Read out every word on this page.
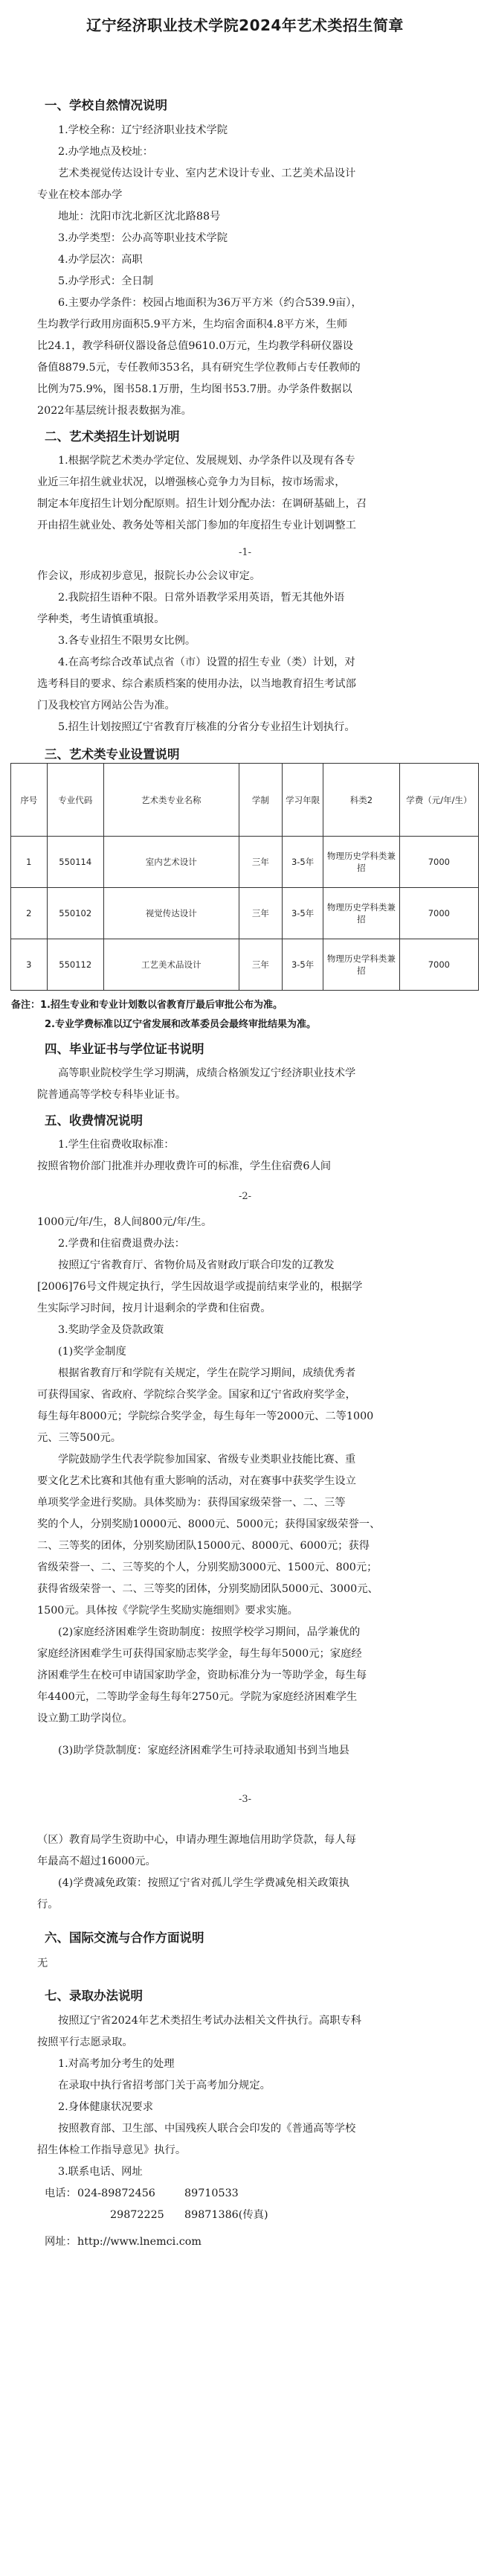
辽宁经济职业技术学院2024年艺术类招生简章
一、学校自然情况说明
1.学校全称：辽宁经济职业技术学院
2.办学地点及校址：
艺术类视觉传达设计专业、室内艺术设计专业、工艺美术品设计
专业在校本部办学
地址：沈阳市沈北新区沈北路88号
3.办学类型：公办高等职业技术学院
4.办学层次：高职
5.办学形式：全日制
6.主要办学条件：校园占地面积为36万平方米（约合539.9亩），
生均教学行政用房面积5.9平方米，生均宿舍面积4.8平方米，生师
比24.1，教学科研仪器设备总值9610.0万元，生均教学科研仪器设
备值8879.5元，专任教师353名，具有研究生学位教师占专任教师的
比例为75.9%，图书58.1万册，生均图书53.7册。办学条件数据以
2022年基层统计报表数据为准。
二、艺术类招生计划说明
1.根据学院艺术类办学定位、发展规划、办学条件以及现有各专
业近三年招生就业状况，以增强核心竞争力为目标，按市场需求，
制定本年度招生计划分配原则。招生计划分配办法：在调研基础上，召
开由招生就业处、教务处等相关部门参加的年度招生专业计划调整工
-1-
作会议，形成初步意见，报院长办公会议审定。
2.我院招生语种不限。日常外语教学采用英语，暂无其他外语
学种类，考生请慎重填报。
3.各专业招生不限男女比例。
4.在高考综合改革试点省（市）设置的招生专业（类）计划，对
选考科目的要求、综合素质档案的使用办法，以当地教育招生考试部
门及我校官方网站公告为准。
5.招生计划按照辽宁省教育厅核准的分省分专业招生计划执行。
三、艺术类专业设置说明
序号	专业代码	艺术类专业名称	学制	学习年限	科类2	学费（元/年/生）
1	550114	室内艺术设计	三年	3-5年	物理历史学科类兼招	7000
2	550102	视觉传达设计	三年	3-5年	物理历史学科类兼招	7000
3	550112	工艺美术品设计	三年	3-5年	物理历史学科类兼招	7000
备注：1.招生专业和专业计划数以省教育厅最后审批公布为准。
2.专业学费标准以辽宁省发展和改革委员会最终审批结果为准。
四、毕业证书与学位证书说明
高等职业院校学生学习期满，成绩合格颁发辽宁经济职业技术学
院普通高等学校专科毕业证书。
五、收费情况说明
1.学生住宿费收取标准：
按照省物价部门批准并办理收费许可的标准，学生住宿费6人间
-2-
1000元/年/生，8人间800元/年/生。
2.学费和住宿费退费办法：
按照辽宁省教育厅、省物价局及省财政厅联合印发的辽教发
[2006]76号文件规定执行，学生因故退学或提前结束学业的，根据学
生实际学习时间，按月计退剩余的学费和住宿费。
3.奖助学金及贷款政策
(1)奖学金制度
根据省教育厅和学院有关规定，学生在院学习期间，成绩优秀者
可获得国家、省政府、学院综合奖学金。国家和辽宁省政府奖学金，
每生每年8000元；学院综合奖学金，每生每年一等2000元、二等1000
元、三等500元。
学院鼓励学生代表学院参加国家、省级专业类职业技能比赛、重
要文化艺术比赛和其他有重大影响的活动，对在赛事中获奖学生设立
单项奖学金进行奖励。具体奖励为：获得国家级荣誉一、二、三等
奖的个人，分别奖励10000元、8000元、5000元；获得国家级荣誉一、
二、三等奖的团体，分别奖励团队15000元、8000元、6000元；获得
省级荣誉一、二、三等奖的个人，分别奖励3000元、1500元、800元；
获得省级荣誉一、二、三等奖的团体，分别奖励团队5000元、3000元、
1500元。具体按《学院学生奖励实施细则》要求实施。
(2)家庭经济困难学生资助制度：按照学校学习期间，品学兼优的
家庭经济困难学生可获得国家励志奖学金，每生每年5000元；家庭经
济困难学生在校可申请国家助学金，资助标准分为一等助学金，每生每
年4400元，二等助学金每生每年2750元。学院为家庭经济困难学生
设立勤工助学岗位。
(3)助学贷款制度：家庭经济困难学生可持录取通知书到当地县
-3-
（区）教育局学生资助中心，申请办理生源地信用助学贷款，每人每
年最高不超过16000元。
(4)学费减免政策：按照辽宁省对孤儿学生学费减免相关政策执
行。
六、国际交流与合作方面说明
无
七、录取办法说明
按照辽宁省2024年艺术类招生考试办法相关文件执行。高职专科
按照平行志愿录取。
1.对高考加分考生的处理
在录取中执行省招考部门关于高考加分规定。
2.身体健康状况要求
按照教育部、卫生部、中国残疾人联合会印发的《普通高等学校
招生体检工作指导意见》执行。
3.联系电话、网址
电话： 024-89872456	89710533
29872225 89871386(传真)
网址： http://www.lnemci.com
